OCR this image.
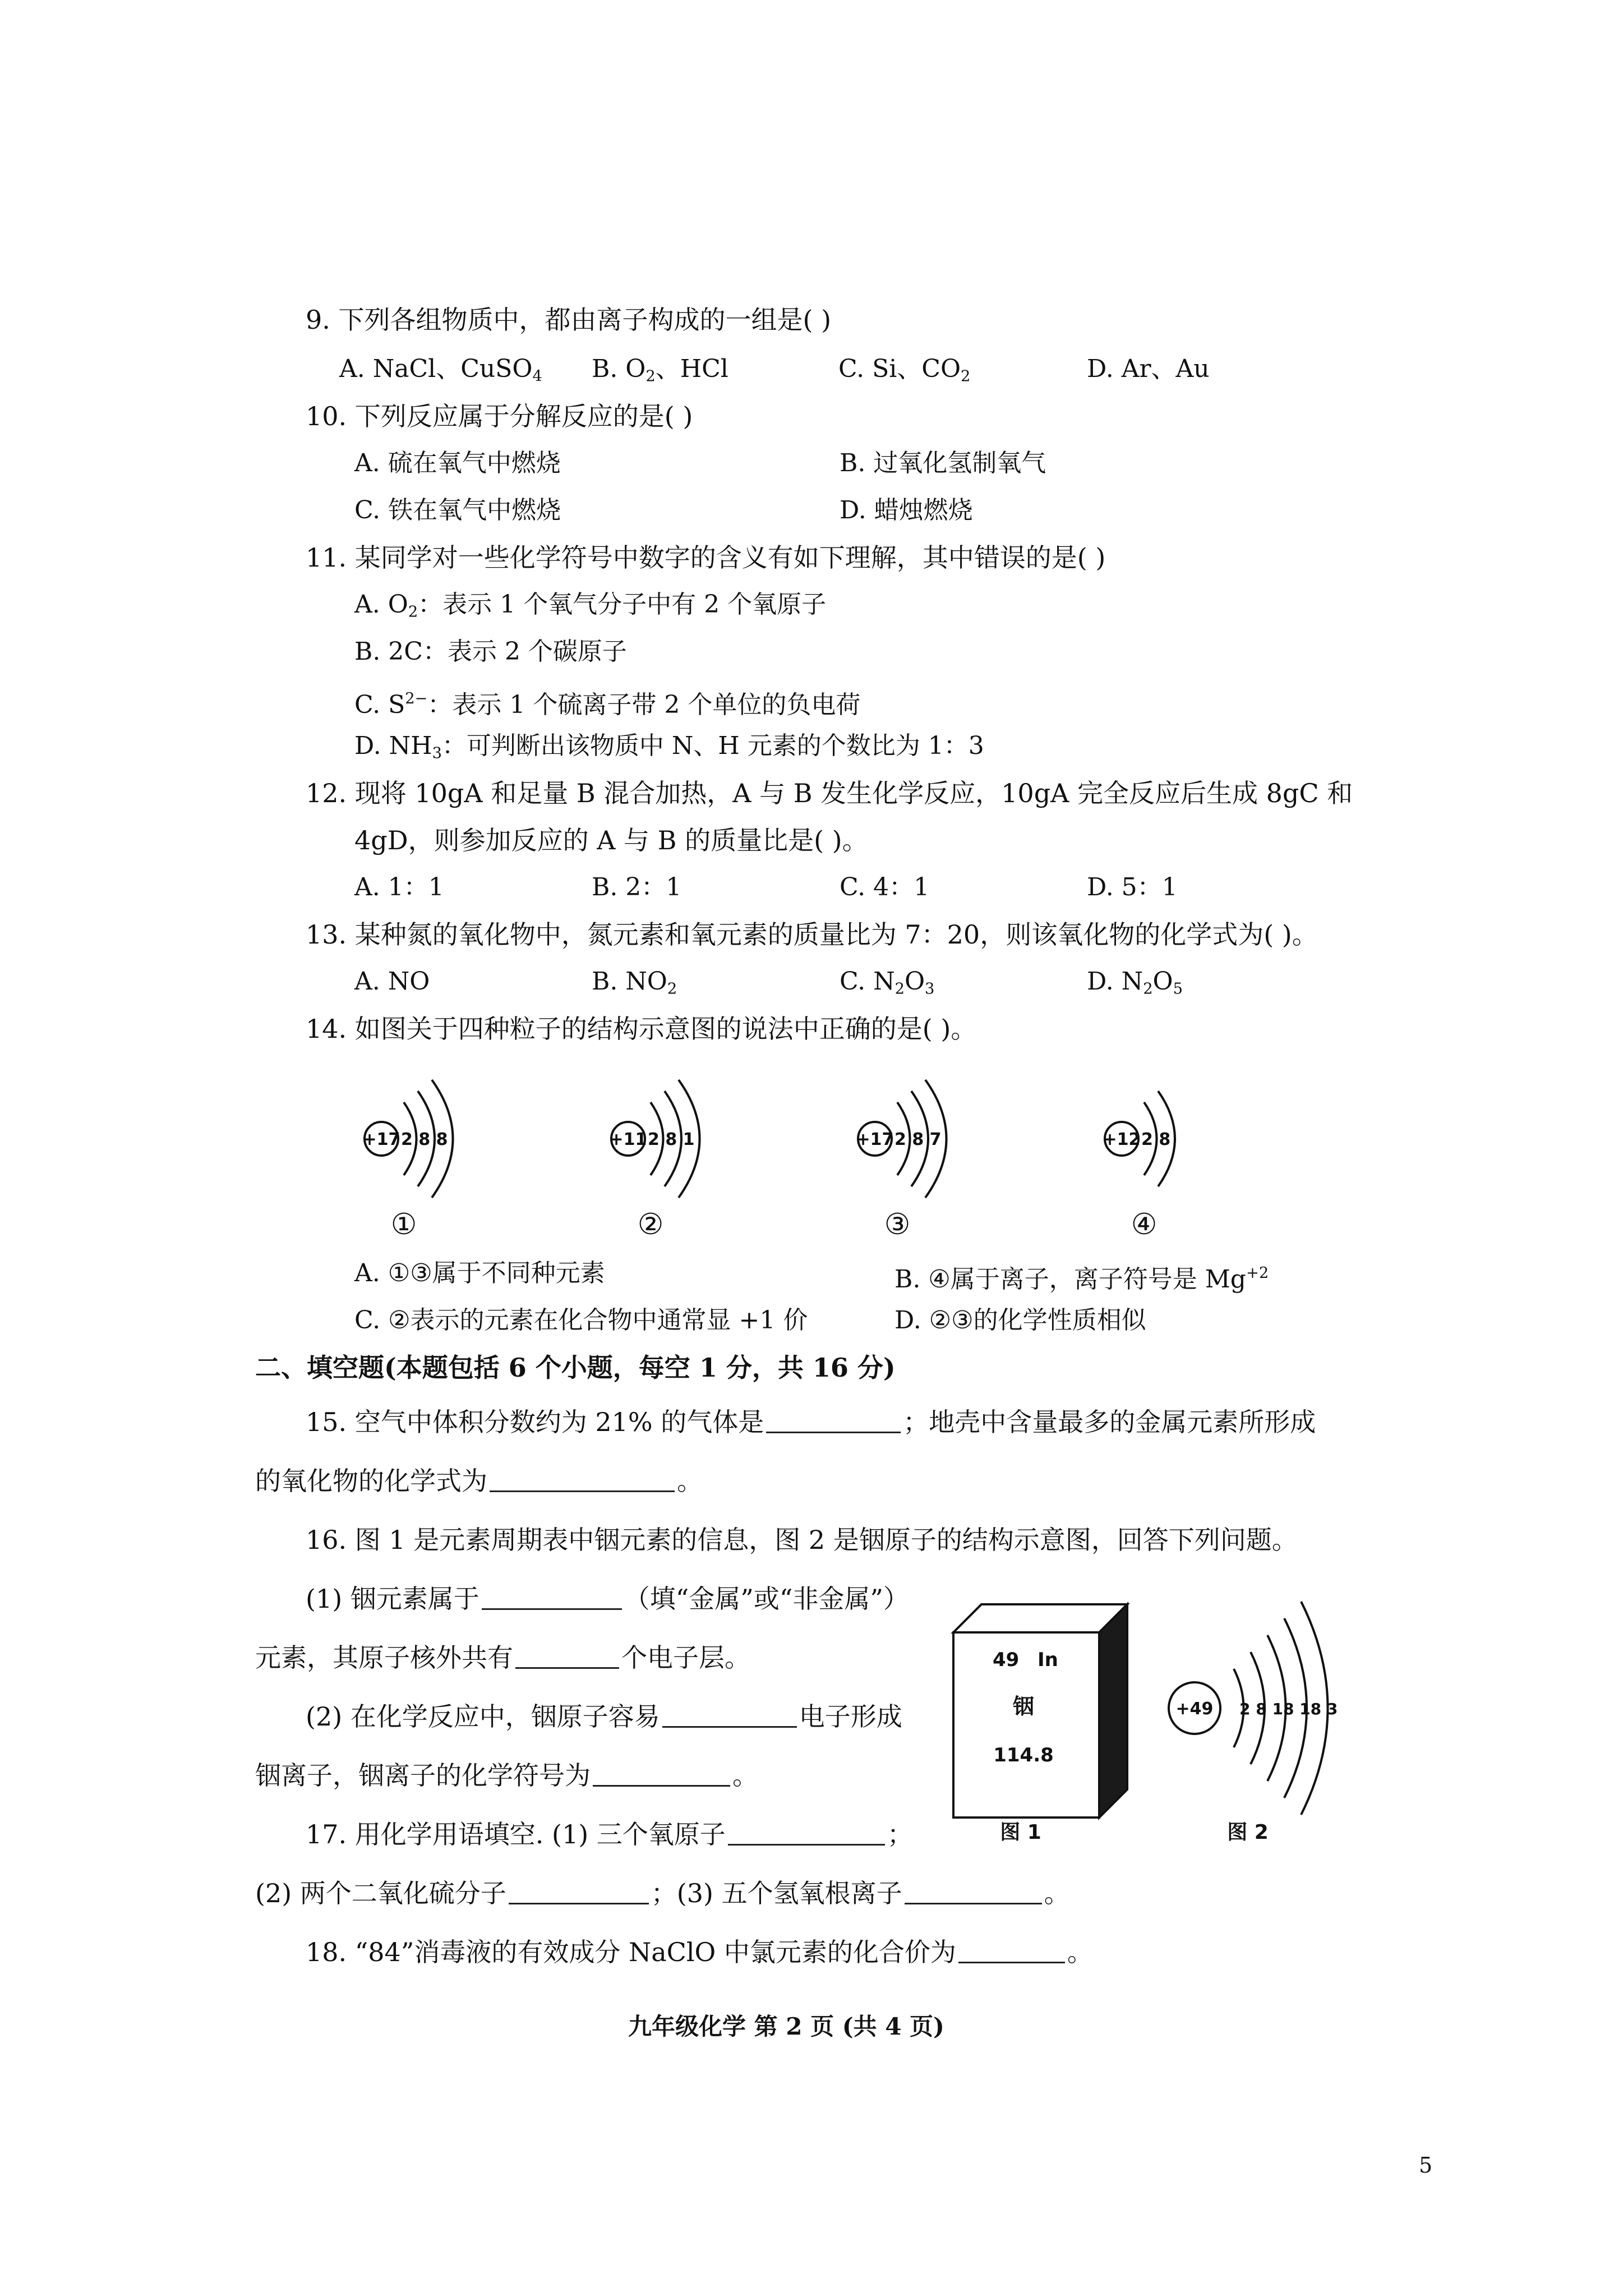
9. 下列各组物质中，都由离子构成的一组是( )
A. NaCl、CuSO$_4$ B. $O_2$、HCl	C. Si、$CO_2$	D. Ar、Au
10. 下列反应属于分解反应的是( )
A. 硫在氧气中燃烧	B. 过氧化氢制氧气
C. 铁在氧气中燃烧	D. 蜡烛燃烧
11. 某同学对一些化学符号中数字的含义有如下理解，其中错误的是( )
A. $O_2$：表示 1 个氧气分子中有 2 个氧原子
B. 2C：表示 2 个碳原子
C. $S^{2-}$：表示 1 个硫离子带 2 个单位的负电荷
D. $NH_3$：可判断出该物质中 N、H 元素的个数比为 1：3
12. 现将 10gA 和足量 B 混合加热，A 与 B 发生化学反应，10gA 完全反应后生成 8gC 和
4gD，则参加反应的 A 与 B 的质量比是( )。
A. 1：1	B. 2：1	C. 4：1	D. 5：1
13. 某种氮的氧化物中，氮元素和氧元素的质量比为 7：20，则该氧化物的化学式为( )。
A. NO	B. $NO_2$	C. $N_2O_3$	D. $N_2O_5$
14. 如图关于四种粒子的结构示意图的说法中正确的是( )。
+17 2 8 8	+11 2 8 1	+17 2 8 7	+12 2 8
①	②	③	④
A. ①③属于不同种元素	B. ④属于离子，离子符号是 $Mg^{+2}$
C. ②表示的元素在化合物中通常显 +1 价	D. ②③的化学性质相似
二、填空题(本题包括 6 个小题，每空 1 分，共 16 分)
15. 空气中体积分数约为 21% 的气体是	；地壳中含量最多的金属元素所形成
的氧化物的化学式为	。
16. 图 1 是元素周期表中铟元素的信息，图 2 是铟原子的结构示意图，回答下列问题。
(1) 铟元素属于	（填“金属”或“非金属”）
元素，其原子核外共有	个电子层。
(2) 在化学反应中，铟原子容易	电子形成
铟离子，铟离子的化学符号为	。
49 In
铟
114.8
图 1
+49 2 8 18 18 3
图 2
17. 用化学用语填空. (1) 三个氧原子	；
(2) 两个二氧化硫分子	；(3) 五个氢氧根离子	。
18. “84”消毒液的有效成分 NaClO 中氯元素的化合价为	。
九年级化学 第 2 页 (共 4 页)
5
